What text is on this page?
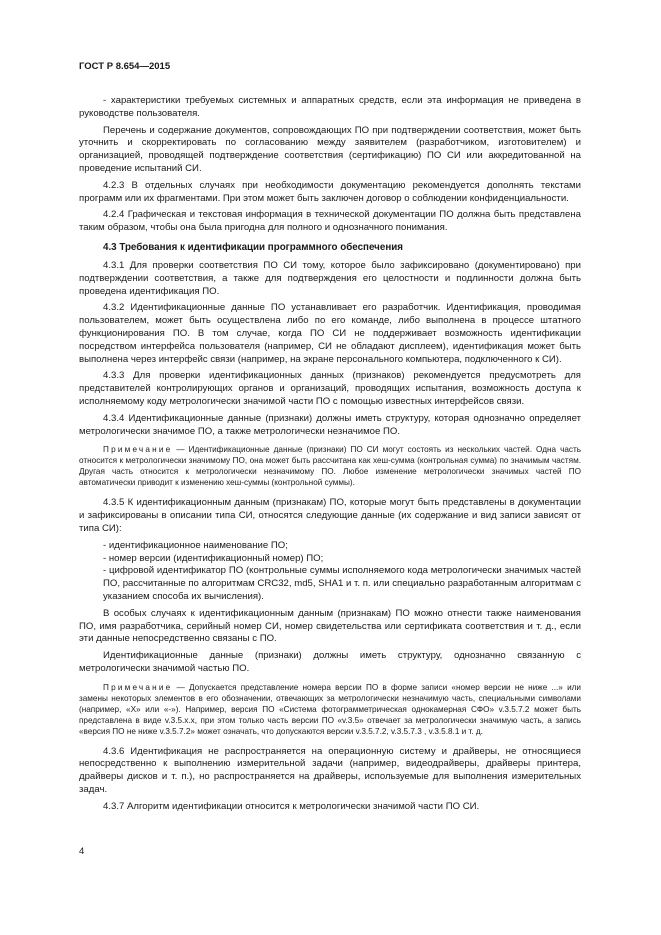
ГОСТ Р 8.654—2015

- характеристики требуемых системных и аппаратных средств, если эта информация не приведена в руководстве пользователя.

Перечень и содержание документов, сопровождающих ПО при подтверждении соответствия, может быть уточнить и скорректировать по согласованию между заявителем (разработчиком, изготовителем) и организацией, проводящей подтверждение соответствия (сертификацию) ПО СИ или аккредитованной на проведение испытаний СИ.

4.2.3 В отдельных случаях при необходимости документацию рекомендуется дополнять текстами программ или их фрагментами. При этом может быть заключен договор о соблюдении конфиденциальности.

4.2.4 Графическая и текстовая информация в технической документации ПО должна быть представлена таким образом, чтобы она была пригодна для полного и однозначного понимания.

4.3 Требования к идентификации программного обеспечения

4.3.1 Для проверки соответствия ПО СИ тому, которое было зафиксировано (документировано) при подтверждении соответствия, а также для подтверждения его целостности и подлинности должна быть проведена идентификация ПО.

4.3.2 Идентификационные данные ПО устанавливает его разработчик. Идентификация, проводимая пользователем, может быть осуществлена либо по его команде, либо выполнена в процессе штатного функционирования ПО. В том случае, когда ПО СИ не поддерживает возможность идентификации посредством интерфейса пользователя (например, СИ не обладают дисплеем), идентификация может быть выполнена через интерфейс связи (например, на экране персонального компьютера, подключенного к СИ).

4.3.3 Для проверки идентификационных данных (признаков) рекомендуется предусмотреть для представителей контролирующих органов и организаций, проводящих испытания, возможность доступа к исполняемому коду метрологически значимой части ПО с помощью известных интерфейсов связи.

4.3.4 Идентификационные данные (признаки) должны иметь структуру, которая однозначно определяет метрологически значимое ПО, а также метрологически незначимое ПО.

Примечание — Идентификационные данные (признаки) ПО СИ могут состоять из нескольких частей. Одна часть относится к метрологически значимому ПО, она может быть рассчитана как хеш-сумма (контрольная сумма) по значимым частям. Другая часть относится к метрологически незначимому ПО. Любое изменение метрологически значимых частей ПО автоматически приводит к изменению хеш-суммы (контрольной суммы).

4.3.5 К идентификационным данным (признакам) ПО, которые могут быть представлены в документации и зафиксированы в описании типа СИ, относятся следующие данные (их содержание и вид записи зависят от типа СИ):

- идентификационное наименование ПО;

- номер версии (идентификационный номер) ПО;

- цифровой идентификатор ПО (контрольные суммы исполняемого кода метрологически значимых частей ПО, рассчитанные по алгоритмам CRC32, md5, SHA1 и т. п. или специально разработанным алгоритмам с указанием способа их вычисления).

В особых случаях к идентификационным данным (признакам) ПО можно отнести также наименования ПО, имя разработчика, серийный номер СИ, номер свидетельства или сертификата соответствия и т. д., если эти данные непосредственно связаны с ПО.

Идентификационные данные (признаки) должны иметь структуру, однозначно связанную с метрологически значимой частью ПО.

Примечание — Допускается представление номера версии ПО в форме записи «номер версии не ниже ...» или замены некоторых элементов в его обозначении, отвечающих за метрологически незначимую часть, специальными символами (например, «X» или «-»). Например, версия ПО «Система фотограмметрическая однокамерная СФО» v.3.5.7.2 может быть представлена в виде v.3.5.x.x, при этом только часть версии ПО «v.3.5» отвечает за метрологически значимую часть, а запись «версия ПО не ниже v.3.5.7.2» может означать, что допускаются версии v.3.5.7.2, v.3.5.7.3 , v.3.5.8.1 и т. д.

4.3.6 Идентификация не распространяется на операционную систему и драйверы, не относящиеся непосредственно к выполнению измерительной задачи (например, видеодрайверы, драйверы принтера, драйверы дисков и т. п.), но распространяется на драйверы, используемые для выполнения измерительных задач.

4.3.7 Алгоритм идентификации относится к метрологически значимой части ПО СИ.

4
